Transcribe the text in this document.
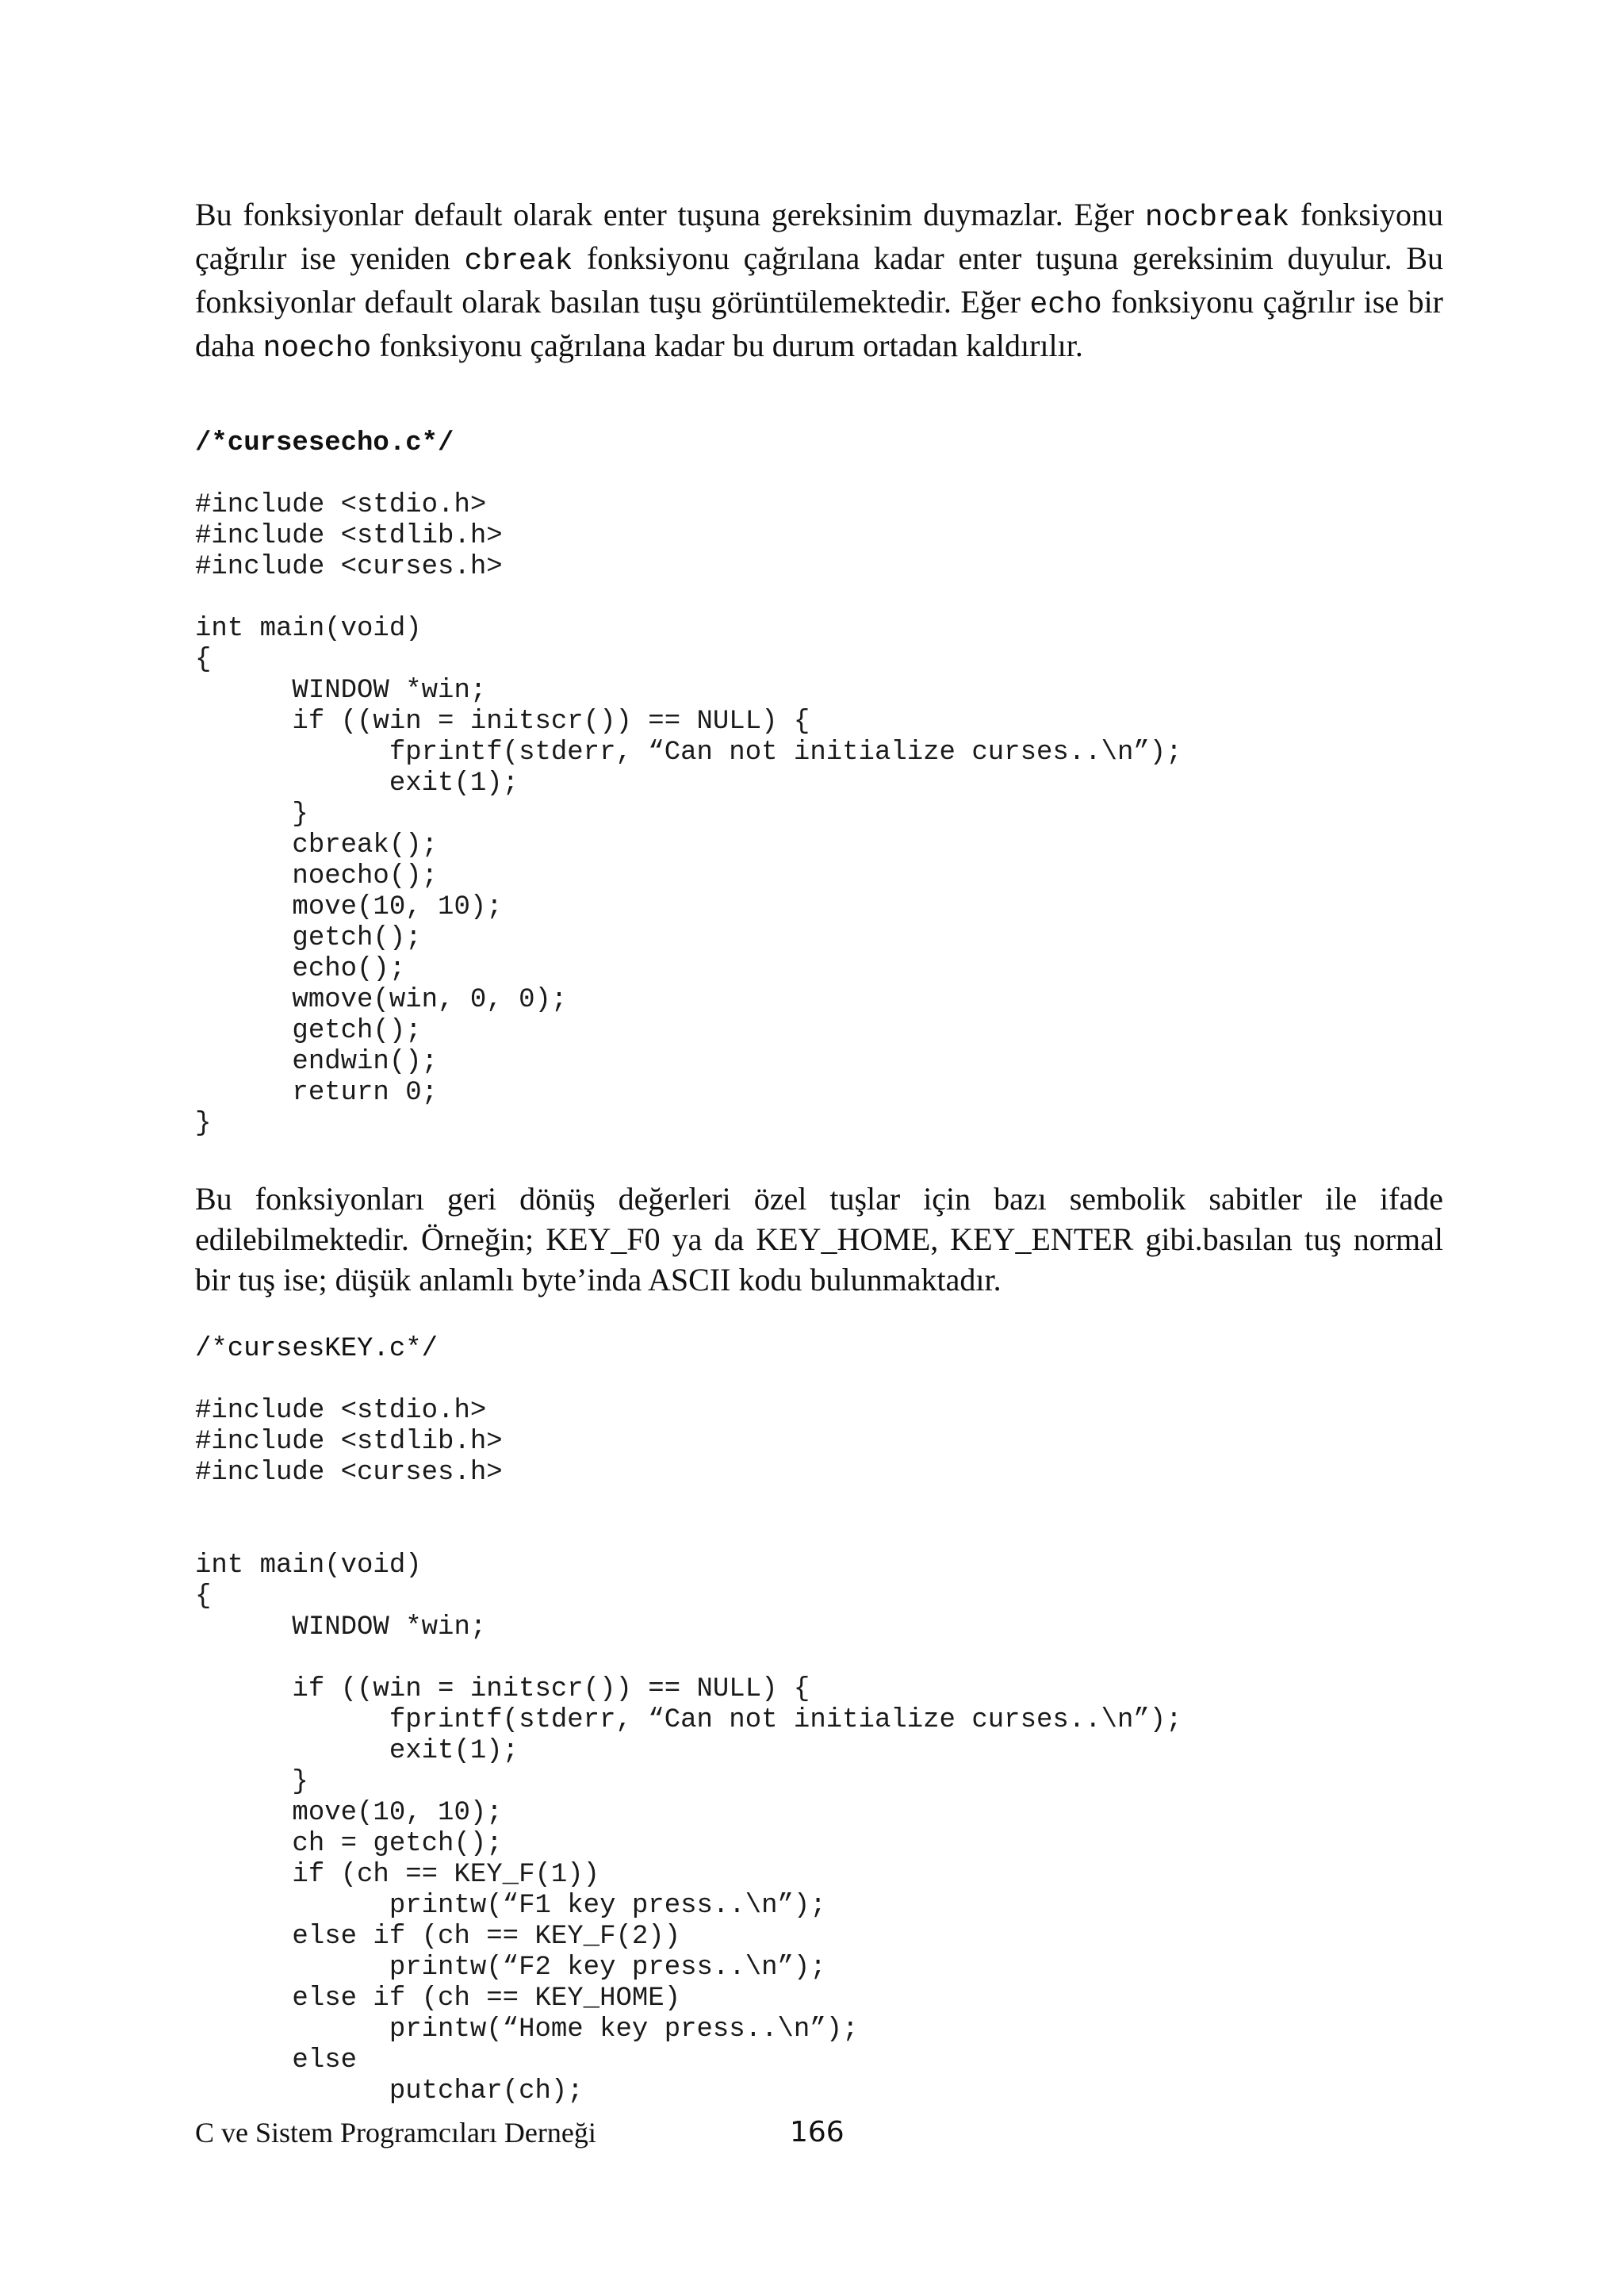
Bu fonksiyonlar default olarak enter tuşuna gereksinim duymazlar. Eğer nocbreak fonksiyonu çağrılır ise yeniden cbreak fonksiyonu çağrılana kadar enter tuşuna gereksinim duyulur. Bu fonksiyonlar default olarak basılan tuşu görüntülemektedir. Eğer echo fonksiyonu çağrılır ise bir daha noecho fonksiyonu çağrılana kadar bu durum ortadan kaldırılır.

/*cursesecho.c*/
#include <stdio.h>
#include <stdlib.h>
#include <curses.h>

int main(void)
{
WINDOW *win;
if ((win = initscr()) == NULL) {
fprintf(stderr, “Can not initialize curses..\n”);
exit(1);
}
cbreak();
noecho();
move(10, 10);
getch();
echo();
wmove(win, 0, 0);
getch();
endwin();
return 0;
}

Bu fonksiyonları geri dönüş değerleri özel tuşlar için bazı sembolik sabitler ile ifade edilebilmektedir. Örneğin; KEY_F0 ya da KEY_HOME, KEY_ENTER gibi.basılan tuş normal bir tuş ise; düşük anlamlı byte’inda ASCII kodu bulunmaktadır.

/*cursesKEY.c*/
#include <stdio.h>
#include <stdlib.h>
#include <curses.h>

int main(void)
{
WINDOW *win;

if ((win = initscr()) == NULL) {
fprintf(stderr, “Can not initialize curses..\n”);
exit(1);
}
move(10, 10);
ch = getch();
if (ch == KEY_F(1))
printw(“F1 key press..\n”);
else if (ch == KEY_F(2))
printw(“F2 key press..\n”);
else if (ch == KEY_HOME)
printw(“Home key press..\n”);
else
putchar(ch);
C ve Sistem Programcıları Derneği	166
